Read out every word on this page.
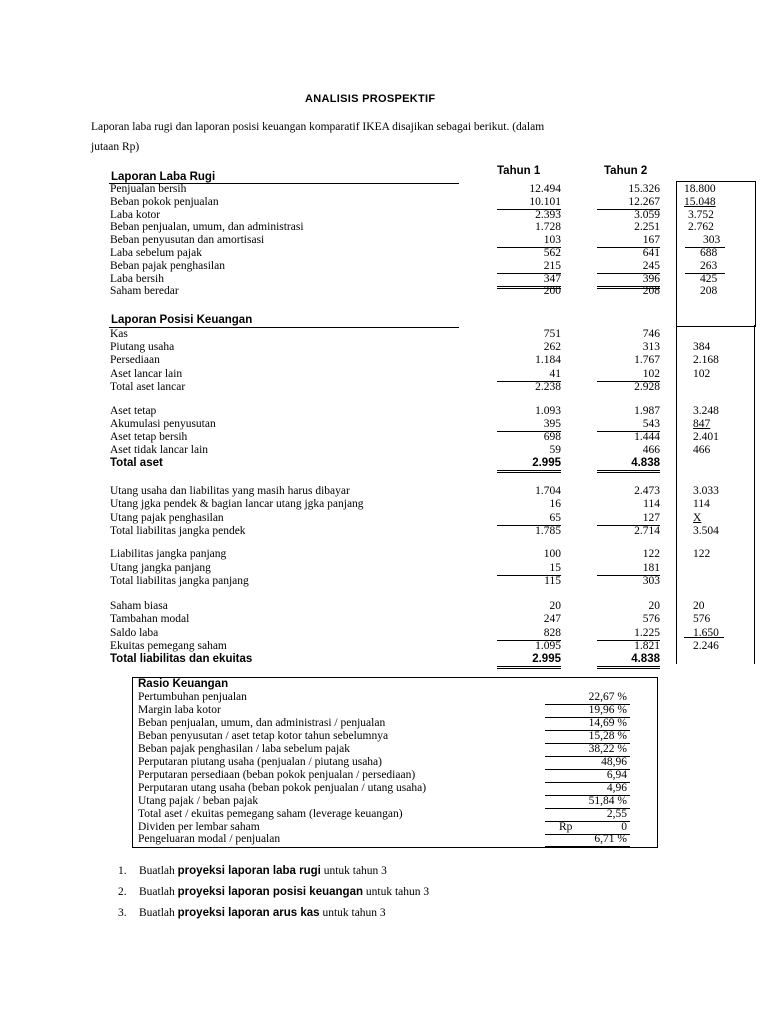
ANALISIS PROSPEKTIF
Laporan laba rugi dan laporan posisi keuangan komparatif IKEA disajikan sebagai berikut. (dalam
jutaan Rp)
Tahun 1	Tahun 2
Laporan Laba Rugi
Penjualan bersih	12.494	15.326 18.800
Beban pokok penjualan	10.101	12.267 15.048
Laba kotor	2.393	3.059 3.752
Beban penjualan, umum, dan administrasi	1.728	2.251 2.762
Beban penyusutan dan amortisasi	103	167	303
Laba sebelum pajak	562	641	688
Beban pajak penghasilan	215	245	263
Laba bersih	347	396	425
Saham beredar	200	208	208
Laporan Posisi Keuangan
Kas	751	746
Piutang usaha	262	313	384
Persediaan	1.184	1.767	2.168
Aset lancar lain	41	102	102
Total aset lancar	2.238	2.928
Aset tetap	1.093	1.987	3.248
Akumulasi penyusutan	395	543	847
Aset tetap bersih	698	1.444	2.401
Aset tidak lancar lain	59	466	466
Total aset	2.995	4.838
Utang usaha dan liabilitas yang masih harus dibayar	1.704	2.473	3.033
Utang jgka pendek & bagian lancar utang jgka panjang	16	114	114
Utang pajak penghasilan	65	127	X
Total liabilitas jangka pendek	1.785	2.714	3.504
Liabilitas jangka panjang	100	122	122
Utang jangka panjang	15	181
Total liabilitas jangka panjang	115	303
Saham biasa	20	20	20
Tambahan modal	247	576	576
Saldo laba	828	1.225	1.650
Ekuitas pemegang saham	1.095	1.821	2.246
Total liabilitas dan ekuitas	2.995	4.838
Rasio Keuangan
Pertumbuhan penjualan	22,67 %
Margin laba kotor	19,96 %
Beban penjualan, umum, dan administrasi / penjualan	14,69 %
Beban penyusutan / aset tetap kotor tahun sebelumnya	15,28 %
Beban pajak penghasilan / laba sebelum pajak	38,22 %
Perputaran piutang usaha (penjualan / piutang usaha)	48,96
Perputaran persediaan (beban pokok penjualan / persediaan)	6,94
Perputaran utang usaha (beban pokok penjualan / utang usaha)	4,96
Utang pajak / beban pajak	51,84 %
Total aset / ekuitas pemegang saham (leverage keuangan)	2,55
Dividen per lembar saham	Rp	0
Pengeluaran modal / penjualan	6,71 %
1. Buatlah proyeksi laporan laba rugi untuk tahun 3
2. Buatlah proyeksi laporan posisi keuangan untuk tahun 3
3. Buatlah proyeksi laporan arus kas untuk tahun 3
